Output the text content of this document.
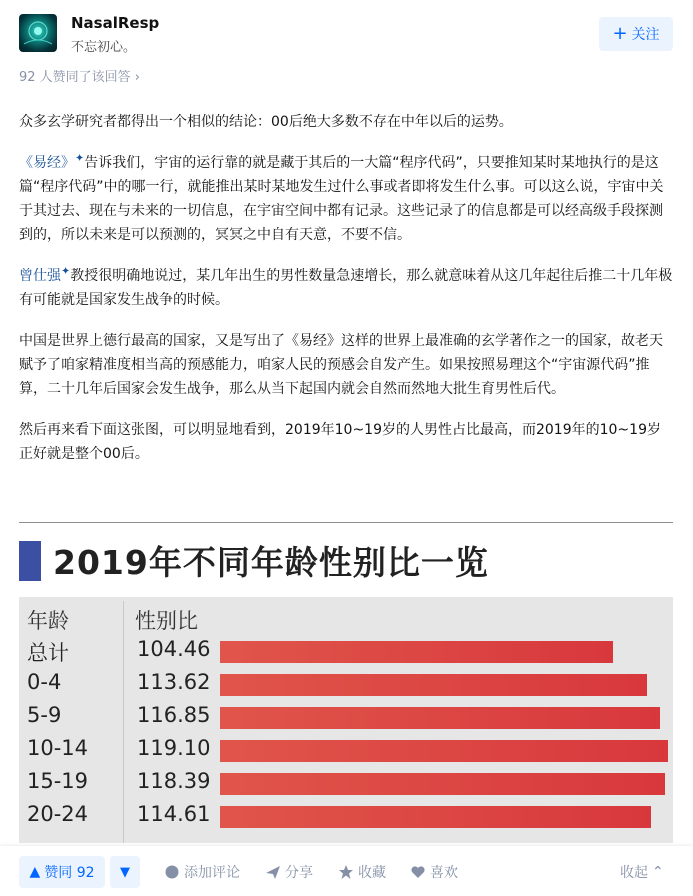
NasalResp
不忘初心。
+ 关注
92 人赞同了该回答 ›

众多玄学研究者都得出一个相似的结论：00后绝大多数不存在中年以后的运势。

《易经》✦告诉我们，宇宙的运行靠的就是藏于其后的一大篇“程序代码”，只要推知某时某地执行的是这篇“程序代码”中的哪一行，就能推出某时某地发生过什么事或者即将发生什么事。可以这么说，宇宙中关于其过去、现在与未来的一切信息，在宇宙空间中都有记录。这些记录了的信息都是可以经高级手段探测到的，所以未来是可以预测的，冥冥之中自有天意，不要不信。

曾仕强✦教授很明确地说过，某几年出生的男性数量急速增长，那么就意味着从这几年起往后推二十几年极有可能就是国家发生战争的时候。

中国是世界上德行最高的国家，又是写出了《易经》这样的世界上最准确的玄学著作之一的国家，故老天赋予了咱家精准度相当高的预感能力，咱家人民的预感会自发产生。如果按照易理这个“宇宙源代码”推算，二十几年后国家会发生战争，那么从当下起国内就会自然而然地大批生育男性后代。

然后再来看下面这张图，可以明显地看到，2019年10~19岁的人男性占比最高，而2019年的10~19岁正好就是整个00后。

2019年不同年龄性别比一览
年龄	性别比
总计	104.46
0-4	113.62
5-9	116.85
10-14 119.10
15-19 118.39
20-24 114.61
▲ 赞同 92	▼	添加评论	分享	收藏	喜欢	收起 ⌃
